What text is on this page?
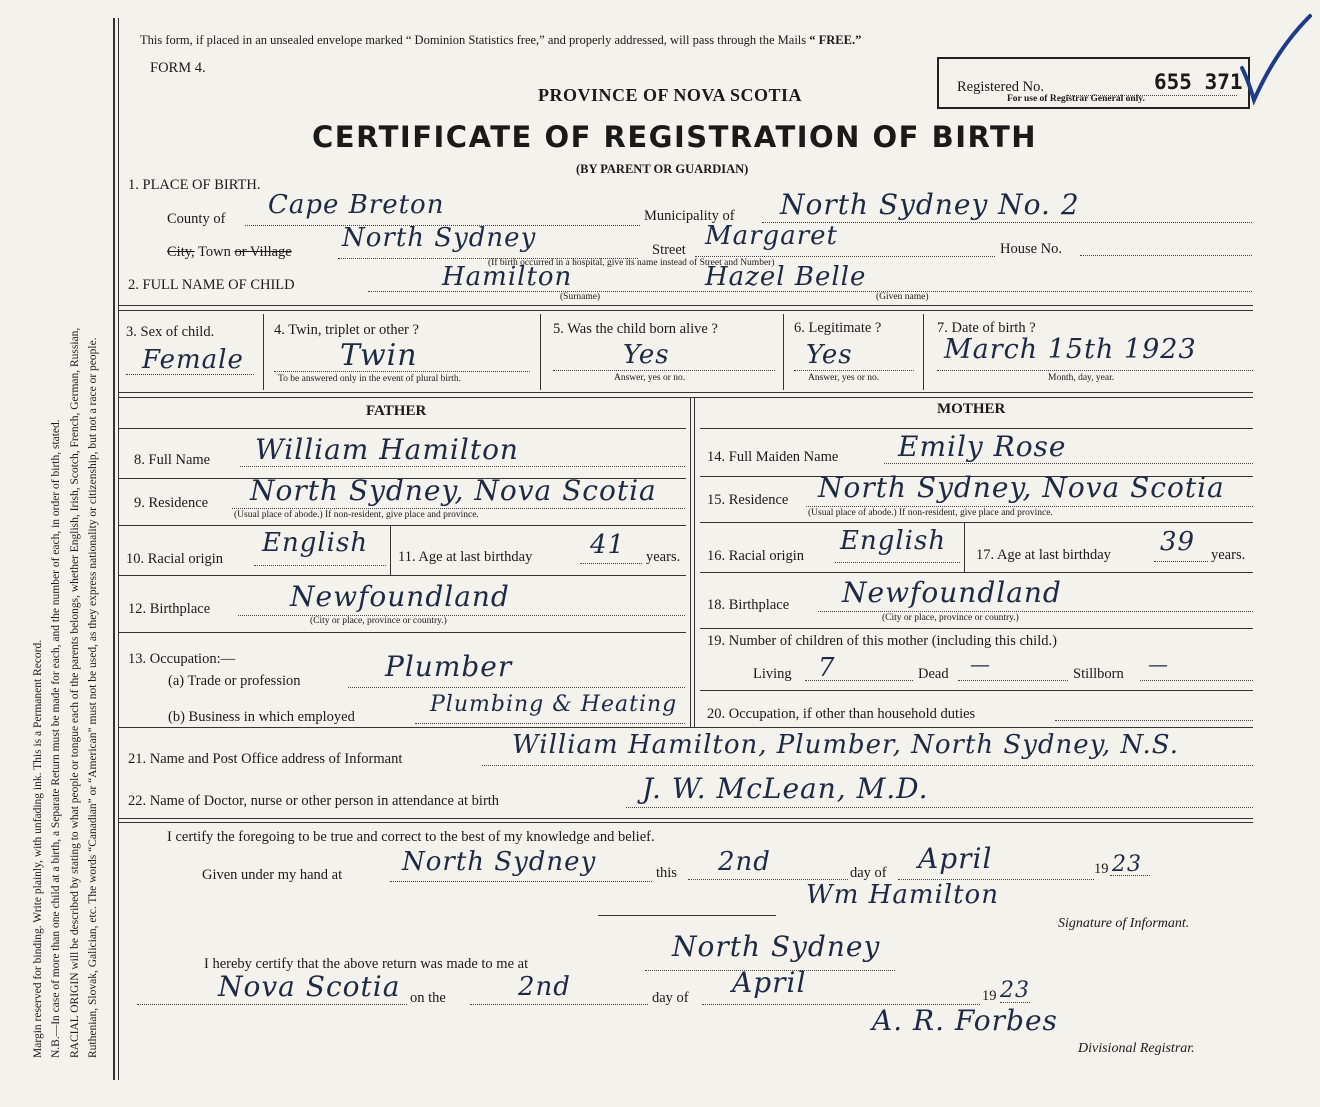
Margin reserved for binding. Write plainly, with unfading ink. This is a Permanent Record. N.B.—In case of more than one child at a birth, a Separate Return must be made for each, and the number of each, in order of birth, stated. RACIAL ORIGIN will be described by stating to what people or tongue each of the parents belongs, whether English, Irish, Scotch, French, German, Russian, Ruthenian, Slovak, Galician, etc. The words “Canadian” or “American” must not be used, as they express nationality or citizenship, but not a race or people.
This form, if placed in an unsealed envelope marked “ Dominion Statistics free,” and properly addressed, will pass through the Mails “ FREE.”
FORM 4.
PROVINCE OF NOVA SCOTIA
CERTIFICATE OF REGISTRATION OF BIRTH
(BY PARENT OR GUARDIAN)
Registered No.	655 371
For use of Registrar General only.
1. PLACE OF BIRTH.
County of Cape Breton	Municipality of North Sydney No. 2
City, Town or Village North Sydney	Street Margaret	House No.
(If birth occurred in a hospital, give its name instead of Street and Number)
2. FULL NAME OF CHILD	Hamilton	Hazel Belle
(Surname)	(Given name)
3. Sex of child.
Female
4. Twin, triplet or other ?
Twin
To be answered only in the event of plural birth.
5. Was the child born alive ?
Yes
Answer, yes or no.
6. Legitimate ?
Yes
Answer, yes or no.
7. Date of birth ?
March 15th 1923
Month, day, year.
FATHER	MOTHER
8. Full Name William Hamilton
9. Residence North Sydney, Nova Scotia
(Usual place of abode.) If non-resident, give place and province.
10. Racial origin
English 11. Age at last birthday 41 years.
12. Birthplace	Newfoundland
(City or place, province or country.)
13. Occupation:—
(a) Trade or profession	Plumber
(b) Business in which employed	Plumbing & Heating
14. Full Maiden Name Emily Rose
15. Residence North Sydney, Nova Scotia
(Usual place of abode.) If non-resident, give place and province.
16. Racial origin English 17. Age at last birthday 39 years.
18. Birthplace Newfoundland
(City or place, province or country.)
19. Number of children of this mother (including this child.)
Living 7	Dead —	Stillborn —
20. Occupation, if other than household duties
21. Name and Post Office address of Informant	William Hamilton, Plumber, North Sydney, N.S.
22. Name of Doctor, nurse or other person in attendance at birth	J. W. McLean, M.D.
I certify the foregoing to be true and correct to the best of my knowledge and belief.
Given under my hand at North Sydney	this 2nd	day of April	19 23
Wm Hamilton
Signature of Informant.
I hereby certify that the above return was made to me at
North Sydney
Nova Scotia on the	2nd	day of April	19 23
A. R. Forbes
Divisional Registrar.
